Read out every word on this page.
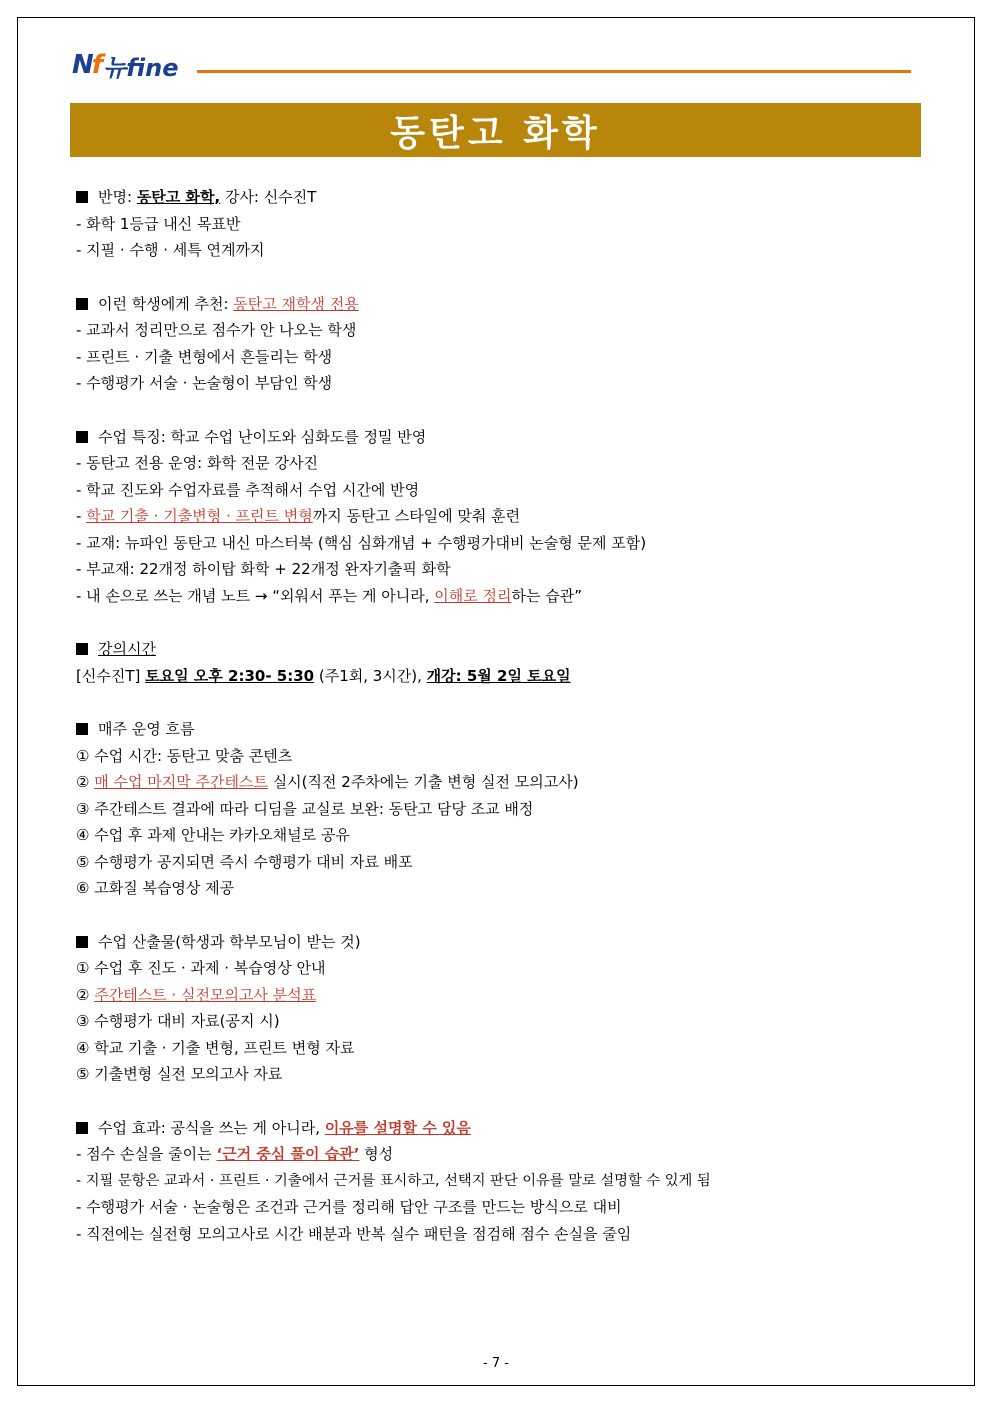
Nf 뉴fine
동탄고 화학
반명: 동탄고 화학, 강사: 신수진T
- 화학 1등급 내신 목표반
- 지필 · 수행 · 세특 연계까지
이런 학생에게 추천: 동탄고 재학생 전용
- 교과서 정리만으로 점수가 안 나오는 학생
- 프린트 · 기출 변형에서 흔들리는 학생
- 수행평가 서술 · 논술형이 부담인 학생
수업 특징: 학교 수업 난이도와 심화도를 정밀 반영
- 동탄고 전용 운영: 화학 전문 강사진
- 학교 진도와 수업자료를 추적해서 수업 시간에 반영
- 학교 기출 · 기출변형 · 프린트 변형까지 동탄고 스타일에 맞춰 훈련
- 교재: 뉴파인 동탄고 내신 마스터북 (핵심 심화개념 + 수행평가대비 논술형 문제 포함)
- 부교재: 22개정 하이탑 화학 + 22개정 완자기출픽 화학
- 내 손으로 쓰는 개념 노트 → “외워서 푸는 게 아니라, 이해로 정리하는 습관”
강의시간
[신수진T] 토요일 오후 2:30- 5:30 (주1회, 3시간), 개강: 5월 2일 토요일
매주 운영 흐름
① 수업 시간: 동탄고 맞춤 콘텐츠
② 매 수업 마지막 주간테스트 실시(직전 2주차에는 기출 변형 실전 모의고사)
③ 주간테스트 결과에 따라 디딤을 교실로 보완: 동탄고 담당 조교 배정
④ 수업 후 과제 안내는 카카오채널로 공유
⑤ 수행평가 공지되면 즉시 수행평가 대비 자료 배포
⑥ 고화질 복습영상 제공
수업 산출물(학생과 학부모님이 받는 것)
① 수업 후 진도 · 과제 · 복습영상 안내
② 주간테스트 · 실전모의고사 분석표
③ 수행평가 대비 자료(공지 시)
④ 학교 기출 · 기출 변형, 프린트 변형 자료
⑤ 기출변형 실전 모의고사 자료
수업 효과: 공식을 쓰는 게 아니라, 이유를 설명할 수 있음
- 점수 손실을 줄이는 ‘근거 중심 풀이 습관’ 형성
- 지필 문항은 교과서 · 프린트 · 기출에서 근거를 표시하고, 선택지 판단 이유를 말로 설명할 수 있게 됨
- 수행평가 서술 · 논술형은 조건과 근거를 정리해 답안 구조를 만드는 방식으로 대비
- 직전에는 실전형 모의고사로 시간 배분과 반복 실수 패턴을 점검해 점수 손실을 줄임
- 7 -
